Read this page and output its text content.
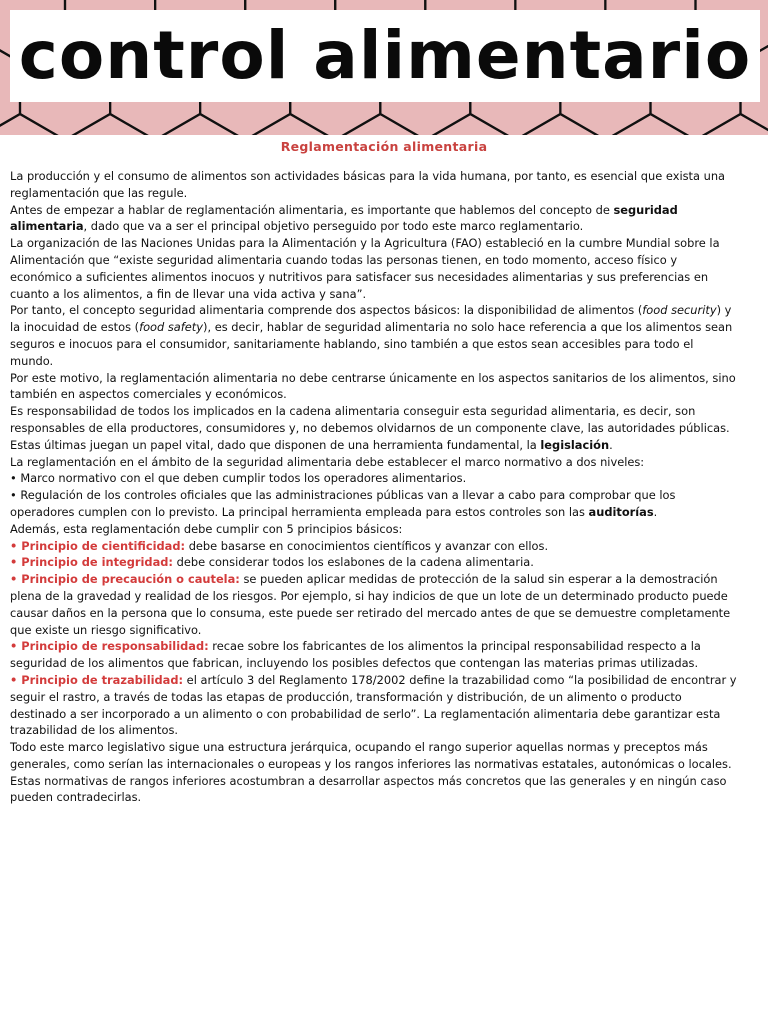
control alimentario
Reglamentación alimentaria

La producción y el consumo de alimentos son actividades básicas para la vida humana, por tanto, es esencial que exista una reglamentación que las regule.

Antes de empezar a hablar de reglamentación alimentaria, es importante que hablemos del concepto de seguridad alimentaria, dado que va a ser el principal objetivo perseguido por todo este marco reglamentario.

La organización de las Naciones Unidas para la Alimentación y la Agricultura (FAO) estableció en la cumbre Mundial sobre la Alimentación que “existe seguridad alimentaria cuando todas las personas tienen, en todo momento, acceso físico y económico a suficientes alimentos inocuos y nutritivos para satisfacer sus necesidades alimentarias y sus preferencias en cuanto a los alimentos, a fin de llevar una vida activa y sana”.

Por tanto, el concepto seguridad alimentaria comprende dos aspectos básicos: la disponibilidad de alimentos (food security) y la inocuidad de estos (food safety), es decir, hablar de seguridad alimentaria no solo hace referencia a que los alimentos sean seguros e inocuos para el consumidor, sanitariamente hablando, sino también a que estos sean accesibles para todo el mundo.

Por este motivo, la reglamentación alimentaria no debe centrarse únicamente en los aspectos sanitarios de los alimentos, sino también en aspectos comerciales y económicos.

Es responsabilidad de todos los implicados en la cadena alimentaria conseguir esta seguridad alimentaria, es decir, son responsables de ella productores, consumidores y, no debemos olvidarnos de un componente clave, las autoridades públicas. Estas últimas juegan un papel vital, dado que disponen de una herramienta fundamental, la legislación.

La reglamentación en el ámbito de la seguridad alimentaria debe establecer el marco normativo a dos niveles:

• Marco normativo con el que deben cumplir todos los operadores alimentarios.

• Regulación de los controles oficiales que las administraciones públicas van a llevar a cabo para comprobar que los operadores cumplen con lo previsto. La principal herramienta empleada para estos controles son las auditorías.

Además, esta reglamentación debe cumplir con 5 principios básicos:

• Principio de cientificidad: debe basarse en conocimientos científicos y avanzar con ellos.

• Principio de integridad: debe considerar todos los eslabones de la cadena alimentaria.

• Principio de precaución o cautela: se pueden aplicar medidas de protección de la salud sin esperar a la demostración plena de la gravedad y realidad de los riesgos. Por ejemplo, si hay indicios de que un lote de un determinado producto puede causar daños en la persona que lo consuma, este puede ser retirado del mercado antes de que se demuestre completamente que existe un riesgo significativo.

• Principio de responsabilidad: recae sobre los fabricantes de los alimentos la principal responsabilidad respecto a la seguridad de los alimentos que fabrican, incluyendo los posibles defectos que contengan las materias primas utilizadas.

• Principio de trazabilidad: el artículo 3 del Reglamento 178/2002 define la trazabilidad como “la posibilidad de encontrar y seguir el rastro, a través de todas las etapas de producción, transformación y distribución, de un alimento o producto destinado a ser incorporado a un alimento o con probabilidad de serlo”. La reglamentación alimentaria debe garantizar esta trazabilidad de los alimentos.

Todo este marco legislativo sigue una estructura jerárquica, ocupando el rango superior aquellas normas y preceptos más generales, como serían las internacionales o europeas y los rangos inferiores las normativas estatales, autonómicas o locales. Estas normativas de rangos inferiores acostumbran a desarrollar aspectos más concretos que las generales y en ningún caso pueden contradecirlas.
